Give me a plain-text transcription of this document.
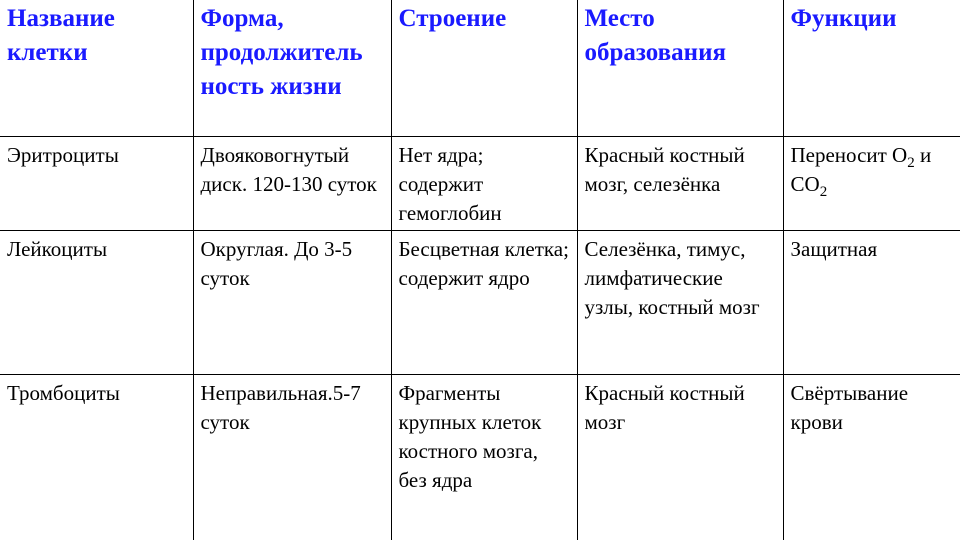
Название клетки	Форма, продолжитель ность жизни	Строение	Место образования	Функции
Эритроциты	Двояковогнутый диск. 120-130 суток	Нет ядра; содержит гемоглобин	Красный костный мозг, селезёнка	Переносит $O_2$ и $CO_2$
Лейкоциты	Округлая. До 3-5 суток	Бесцветная клетка; содержит ядро	Селезёнка, тимус, лимфатические узлы, костный мозг	Защитная
Тромбоциты	Неправильная.5-7 суток	Фрагменты крупных клеток костного мозга, без ядра	Красный костный мозг	Свёртывание крови
